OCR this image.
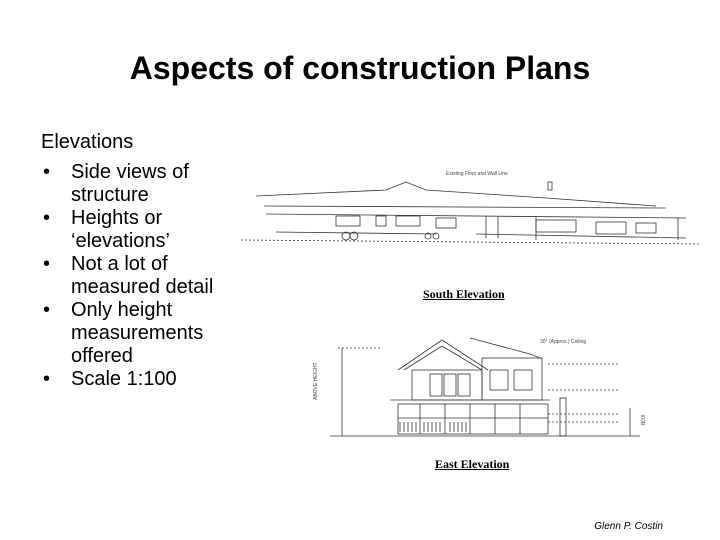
Aspects of construction Plans
Elevations
• Side views of structure
• Heights or ‘elevations’
• Not a lot of measured detail
• Only height measurements offered
• Scale 1:100
Existing Floor and Wall Line
South Elevation
30° (Approx.) Ceiling
ABOVE HEIGHT
BOX
East Elevation
Glenn P. Costin
